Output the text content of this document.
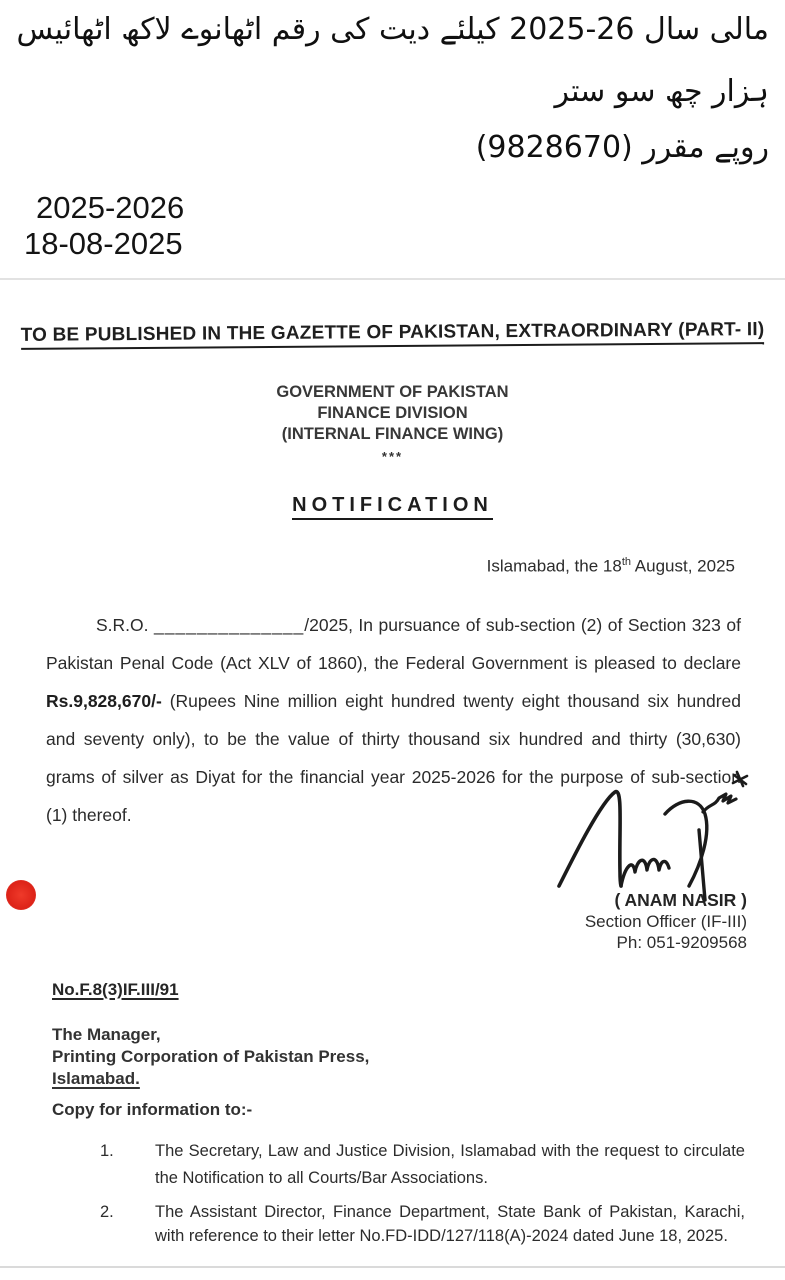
مالی سال 26-2025 کیلئے دیت کی رقم اٹھانوے لاکھ اٹھائیس
ہزار چھ سو ستر
روپے مقرر (9828670)
2025-2026
18-08-2025
TO BE PUBLISHED IN THE GAZETTE OF PAKISTAN, EXTRAORDINARY (PART- II)
GOVERNMENT OF PAKISTAN
FINANCE DIVISION
(INTERNAL FINANCE WING)
***
NOTIFICATION
Islamabad, the 18th August, 2025

S.R.O. ______________/2025, In pursuance of sub-section (2) of Section 323 of Pakistan Penal Code (Act XLV of 1860), the Federal Government is pleased to declare Rs.9,828,670/- (Rupees Nine million eight hundred twenty eight thousand six hundred and seventy only), to be the value of thirty thousand six hundred and thirty (30,630) grams of silver as Diyat for the financial year 2025-2026 for the purpose of sub-section (1) thereof.

( ANAM NASIR )
Section Officer (IF-III)
Ph: 051-9209568
No.F.8(3)IF.III/91
The Manager,
Printing Corporation of Pakistan Press,
Islamabad.
Copy for information to:-
1.	The Secretary, Law and Justice Division, Islamabad with the request to circulate the Notification to all Courts/Bar Associations.
2.	The Assistant Director, Finance Department, State Bank of Pakistan, Karachi, with reference to their letter No.FD-IDD/127/118(A)-2024 dated June 18, 2025.
